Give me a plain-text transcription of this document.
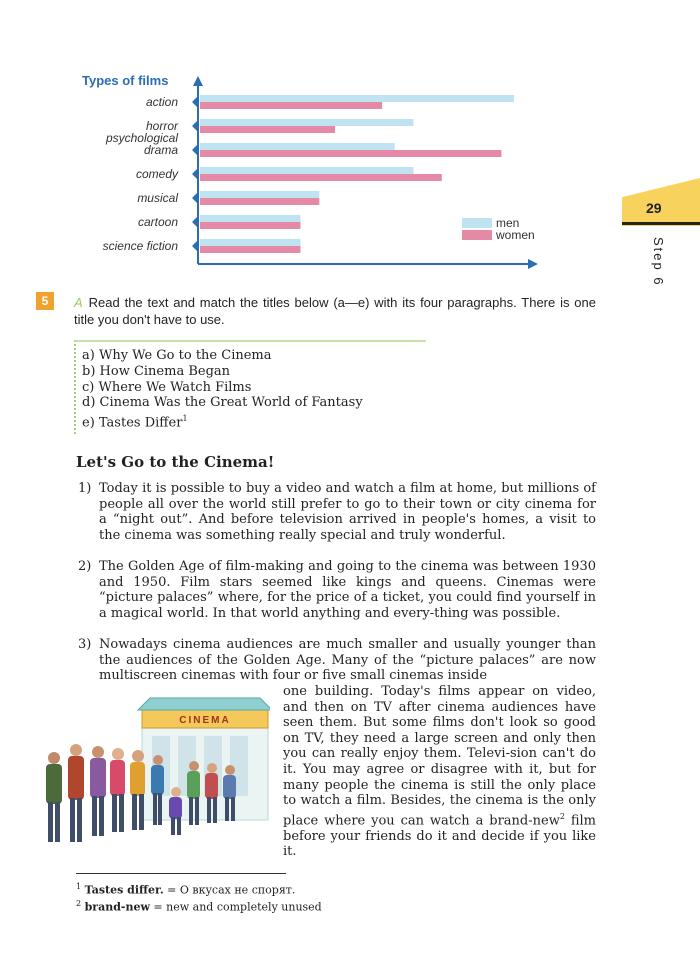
Types of films
action
horror
psychological
drama
comedy
musical
cartoon
science fiction
men
women
29
Step 6
5	A Read the text and match the titles below (a—e) with its four paragraphs. There is one title you don't have to use.
a) Why We Go to the Cinema
b) How Cinema Began
c) Where We Watch Films
d) Cinema Was the Great World of Fantasy
e) Tastes Differ$^1$
Let's Go to the Cinema!
1) Today it is possible to buy a video and watch a film at home, but millions of people all over the world still prefer to go to their town or city cinema for a “night out”. And before television arrived in people's homes, a visit to the cinema was something really special and truly wonderful.
2) The Golden Age of film-making and going to the cinema was between 1930 and 1950. Film stars seemed like kings and queens. Cinemas were “picture palaces” where, for the price of a ticket, you could find yourself in a magical world. In that world anything and every-thing was possible.
3) Nowadays cinema audiences are much smaller and usually younger than the audiences of the Golden Age. Many of the “picture palaces” are now multiscreen cinemas with four or five small cinemas inside
one building. Today's films appear on video, and then on TV after cinema audiences have seen them. But some films don't look so good on TV, they need a large screen and only then you can really enjoy them. Televi-sion can't do it. You may agree or disagree with it, but for many people the cinema is still the only place to watch a film. Besides, the cinema is the only place where you can watch a brand-new$^2$ film before your friends do it and decide if you like it.
CINEMA
$^1$ Tastes differ. = О вкусах не спорят.
$^2$ brand-new = new and completely unused
